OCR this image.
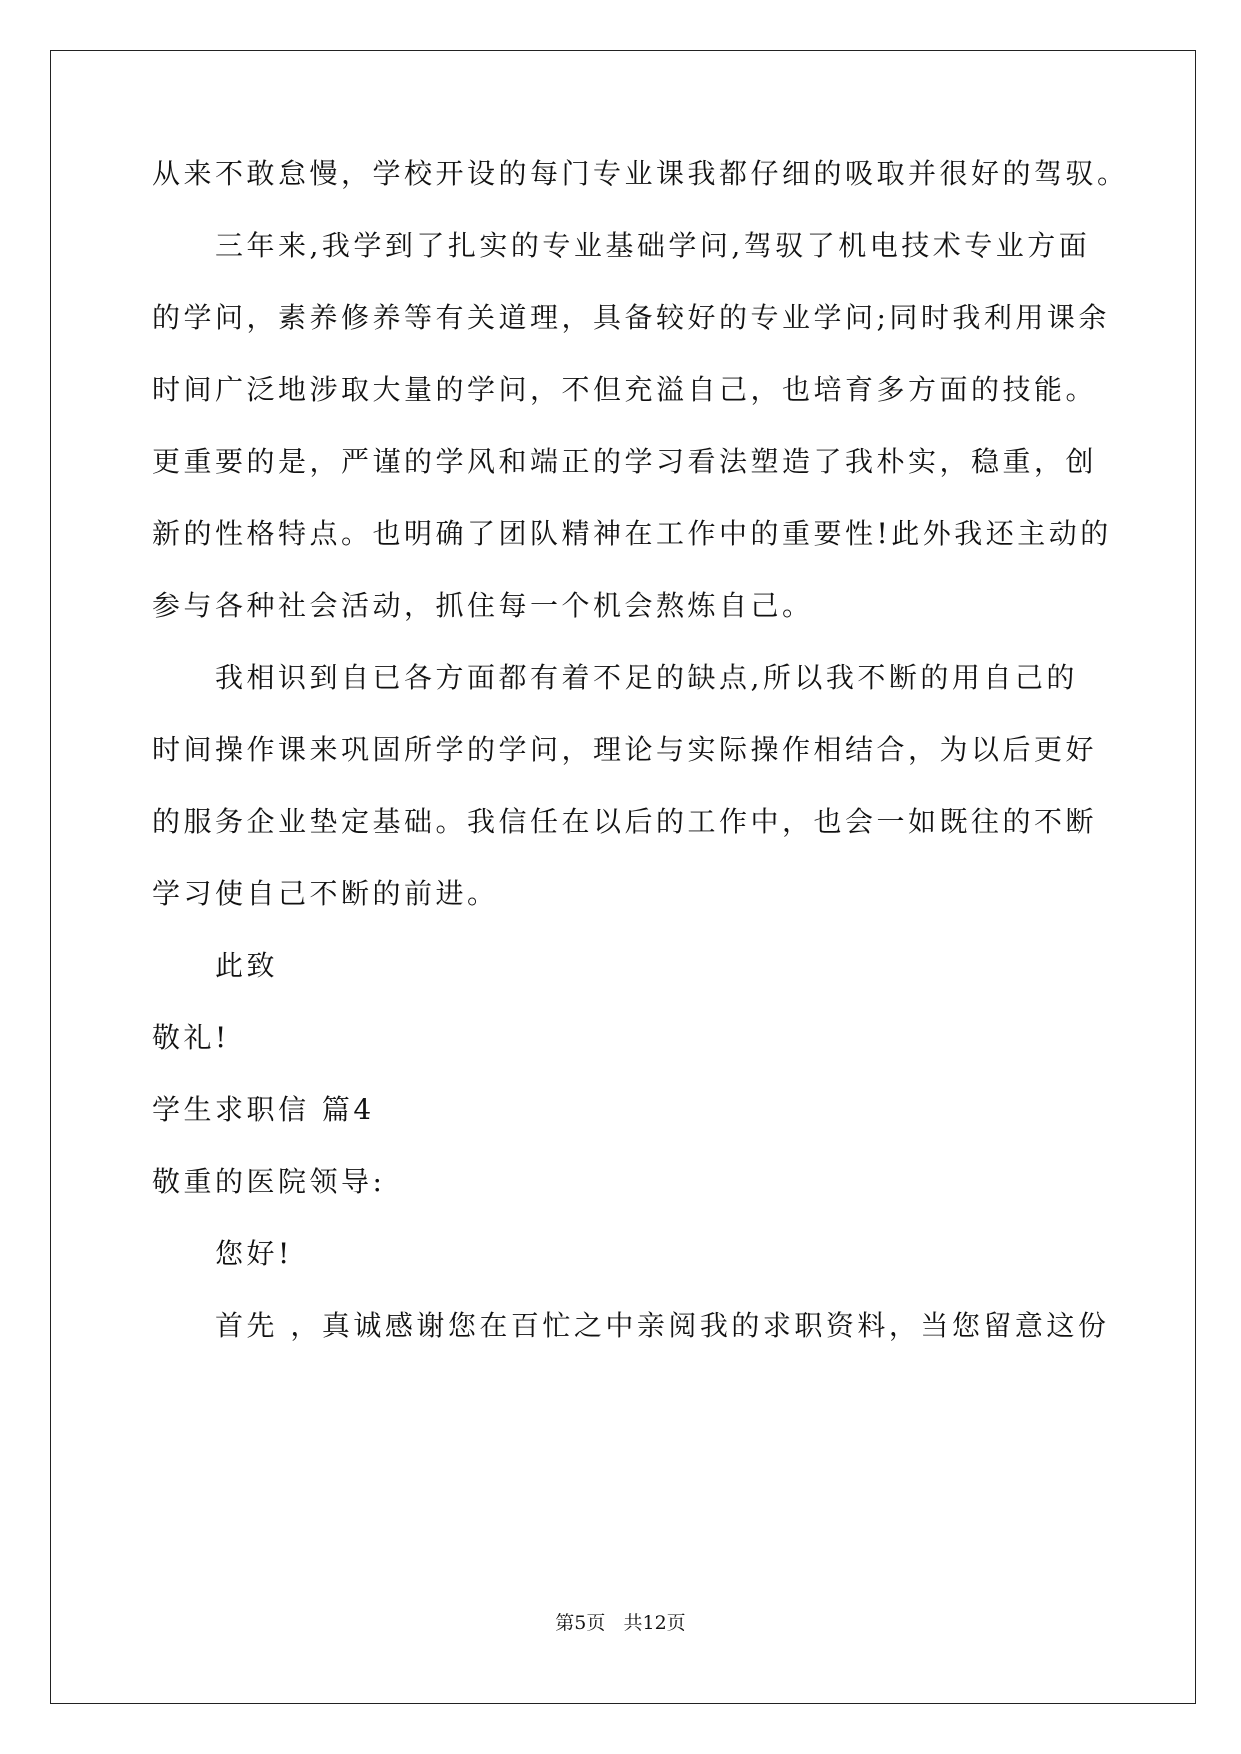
从来不敢怠慢，学校开设的每门专业课我都仔细的吸取并很好的驾驭。
三年来,我学到了扎实的专业基础学问,驾驭了机电技术专业方面
的学问，素养修养等有关道理，具备较好的专业学问;同时我利用课余
时间广泛地涉取大量的学问，不但充溢自己，也培育多方面的技能。
更重要的是，严谨的学风和端正的学习看法塑造了我朴实，稳重，创
新的性格特点。也明确了团队精神在工作中的重要性!此外我还主动的
参与各种社会活动，抓住每一个机会熬炼自己。
我相识到自已各方面都有着不足的缺点,所以我不断的用自己的
时间操作课来巩固所学的学问，理论与实际操作相结合，为以后更好
的服务企业垫定基础。我信任在以后的工作中，也会一如既往的不断
学习使自己不断的前进。
此致
敬礼!
学生求职信 篇4
敬重的医院领导:
您好!
首先 ，真诚感谢您在百忙之中亲阅我的求职资料，当您留意这份
第5页   共12页
